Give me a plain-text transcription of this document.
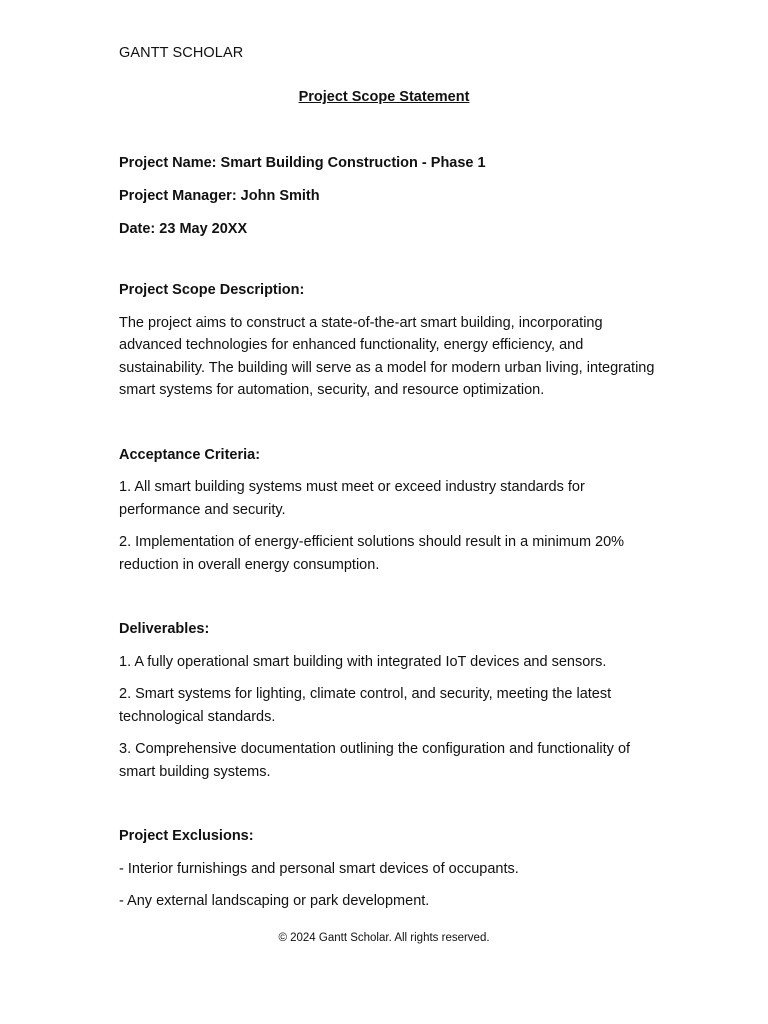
GANTT SCHOLAR
Project Scope Statement

Project Name: Smart Building Construction - Phase 1

Project Manager: John Smith

Date: 23 May 20XX

Project Scope Description:

The project aims to construct a state-of-the-art smart building, incorporating advanced technologies for enhanced functionality, energy efficiency, and sustainability. The building will serve as a model for modern urban living, integrating smart systems for automation, security, and resource optimization.

Acceptance Criteria:

1. All smart building systems must meet or exceed industry standards for performance and security.

2. Implementation of energy-efficient solutions should result in a minimum 20% reduction in overall energy consumption.

Deliverables:

1. A fully operational smart building with integrated IoT devices and sensors.

2. Smart systems for lighting, climate control, and security, meeting the latest technological standards.

3. Comprehensive documentation outlining the configuration and functionality of smart building systems.

Project Exclusions:

- Interior furnishings and personal smart devices of occupants.

- Any external landscaping or park development.

© 2024 Gantt Scholar. All rights reserved.
